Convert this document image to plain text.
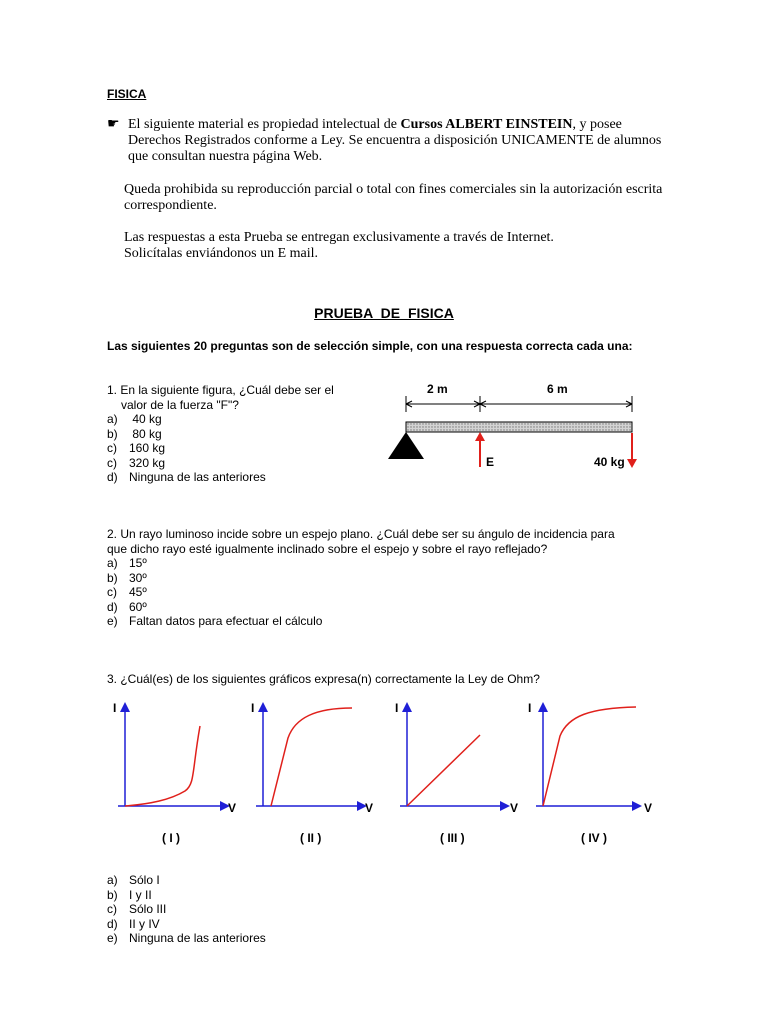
FISICA
☛ El siguiente material es propiedad intelectual de Cursos ALBERT EINSTEIN, y posee Derechos Registrados conforme a Ley. Se encuentra a disposición UNICAMENTE de alumnos que consultan nuestra página Web.
Queda prohibida su reproducción parcial o total con fines comerciales sin la autorización escrita correspondiente.
Las respuestas a esta Prueba se entregan exclusivamente a través de Internet.
Solicítalas enviándonos un E mail.
PRUEBA DE FISICA
Las siguientes 20 preguntas son de selección simple, con una respuesta correcta cada una:
1. En la siguiente figura, ¿Cuál debe ser el
valor de la fuerza "F"?
a) 40 kg
b) 80 kg
c) 160 kg
c) 320 kg
d) Ninguna de las anteriores
2 m	6 m
E	40 kg
2. Un rayo luminoso incide sobre un espejo plano. ¿Cuál debe ser su ángulo de incidencia para
que dicho rayo esté igualmente inclinado sobre el espejo y sobre el rayo reflejado?
a) 15º
b) 30º
c) 45º
d) 60º
e) Faltan datos para efectuar el cálculo
3. ¿Cuál(es) de los siguientes gráficos expresa(n) correctamente la Ley de Ohm?
I
V
( I )
I
V
( II )
I
V
( III )
I
V
( IV )
a) Sólo I
b) I y II
c) Sólo III
d) II y IV
e) Ninguna de las anteriores
